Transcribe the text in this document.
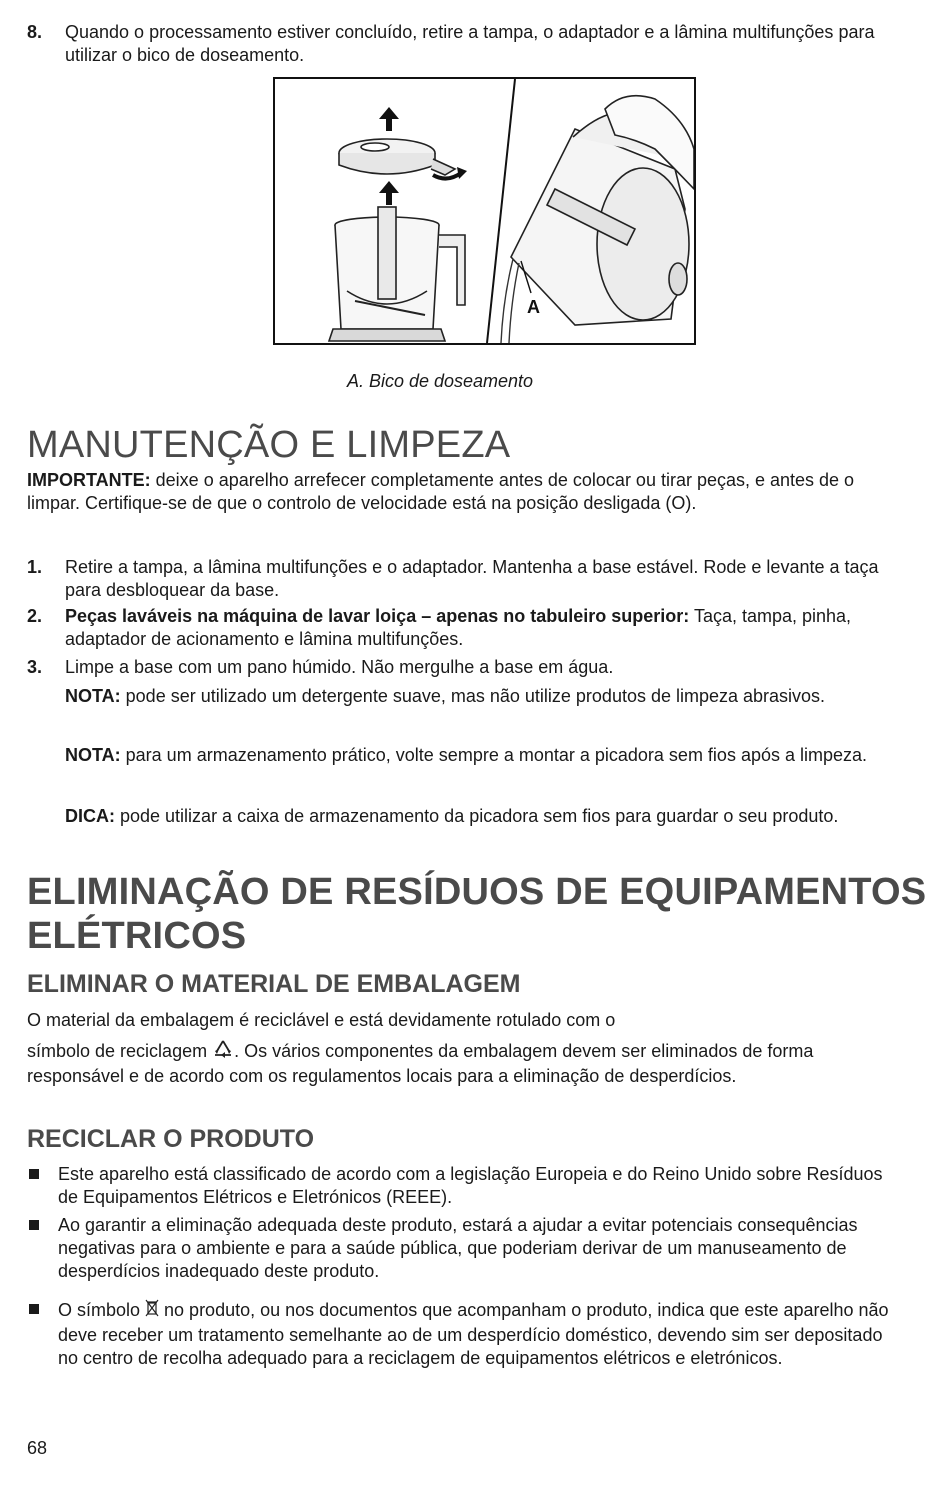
8. Quando o processamento estiver concluído, retire a tampa, o adaptador e a lâmina multifunções para utilizar o bico de doseamento.
A
A. Bico de doseamento
MANUTENÇÃO E LIMPEZA
IMPORTANTE: deixe o aparelho arrefecer completamente antes de colocar ou tirar peças, e antes de o limpar. Certifique-se de que o controlo de velocidade está na posição desligada (O).
1. Retire a tampa, a lâmina multifunções e o adaptador. Mantenha a base estável. Rode e levante a taça para desbloquear da base.
2. Peças laváveis na máquina de lavar loiça – apenas no tabuleiro superior: Taça, tampa, pinha, adaptador de acionamento e lâmina multifunções.
3. Limpe a base com um pano húmido. Não mergulhe a base em água.
NOTA: pode ser utilizado um detergente suave, mas não utilize produtos de limpeza abrasivos.
NOTA: para um armazenamento prático, volte sempre a montar a picadora sem fios após a limpeza.
DICA: pode utilizar a caixa de armazenamento da picadora sem fios para guardar o seu produto.
ELIMINAÇÃO DE RESÍDUOS DE EQUIPAMENTOS
ELÉTRICOS
ELIMINAR O MATERIAL DE EMBALAGEM
O material da embalagem é reciclável e está devidamente rotulado com o
símbolo de reciclagem . Os vários componentes da embalagem devem ser eliminados de forma responsável e de acordo com os regulamentos locais para a eliminação de desperdícios.
RECICLAR O PRODUTO
Este aparelho está classificado de acordo com a legislação Europeia e do Reino Unido sobre Resíduos de Equipamentos Elétricos e Eletrónicos (REEE).
Ao garantir a eliminação adequada deste produto, estará a ajudar a evitar potenciais consequências negativas para o ambiente e para a saúde pública, que poderiam derivar de um manuseamento de desperdícios inadequado deste produto.
O símbolo  no produto, ou nos documentos que acompanham o produto, indica que este aparelho não deve receber um tratamento semelhante ao de um desperdício doméstico, devendo sim ser depositado no centro de recolha adequado para a reciclagem de equipamentos elétricos e eletrónicos.
68
